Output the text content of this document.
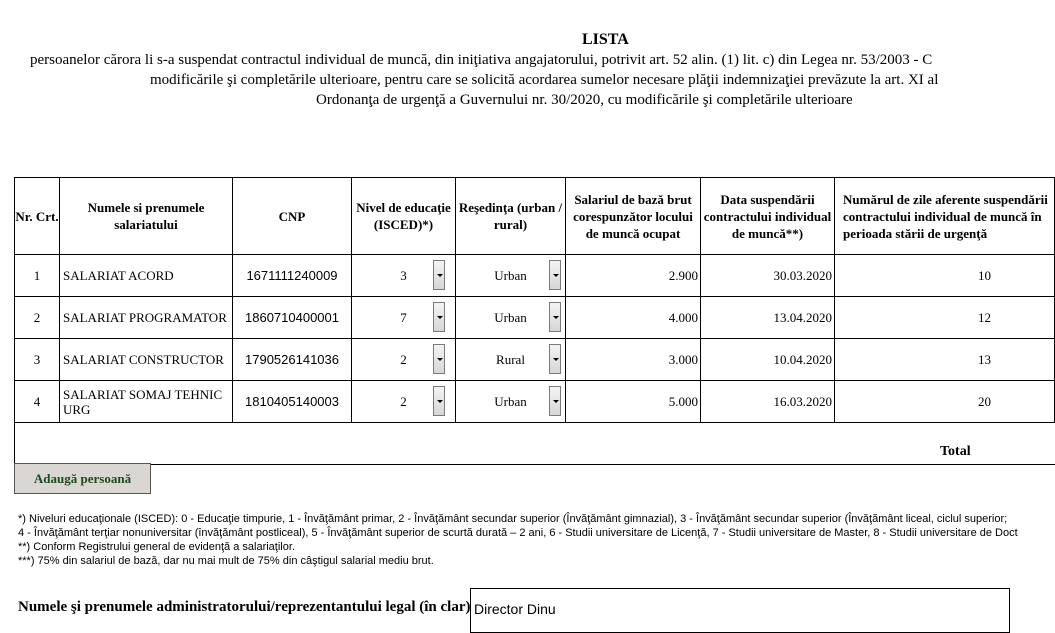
LISTA
persoanelor cărora li s-a suspendat contractul individual de muncă, din iniţiativa angajatorului, potrivit art. 52 alin. (1) lit. c) din Legea nr. 53/2003 - C
modificările şi completările ulterioare, pentru care se solicită acordarea sumelor necesare plăţii indemnizaţiei prevăzute la art. XI al
Ordonanţa de urgenţă a Guvernului nr. 30/2020, cu modificările şi completările ulterioare
Nr. Crt.	Numele si prenumele salariatului	CNP	Nivel de educaţie (ISCED)*)	Reşedinţa (urban / rural)	Salariul de bază brut corespunzător locului de muncă ocupat	Data suspendării contractului individual de muncă**)	Numărul de zile aferente suspendării contractului individual de muncă în perioada stării de urgenţă
1	SALARIAT ACORD	1671111240009	3	Urban	2.900	30.03.2020	10
2	SALARIAT PROGRAMATOR	1860710400001	7	Urban	4.000	13.04.2020	12
3	SALARIAT CONSTRUCTOR	1790526141036	2	Rural	3.000	10.04.2020	13
4	SALARIAT SOMAJ TEHNIC URG	1810405140003	2	Urban	5.000	16.03.2020	20

Total							
Adaugă persoană
*) Niveluri educaţionale (ISCED): 0 - Educaţie timpurie, 1 - Învăţământ primar, 2 - Învăţământ secundar superior (Învăţământ gimnazial), 3 - Învăţământ secundar superior (Învăţământ liceal, ciclul superior;
4 - Învăţământ terţiar nonuniversitar (învăţământ postliceal), 5 - Învăţământ superior de scurtă durată – 2 ani, 6 - Studii universitare de Licenţă, 7 - Studii universitare de Master, 8 - Studii universitare de Doct
**) Conform Registrului general de evidenţă a salariaţilor.
***) 75% din salariul de bază, dar nu mai mult de 75% din câştigul salarial mediu brut.
Numele şi prenumele administratorului/reprezentantului legal (în clar) Director Dinu
